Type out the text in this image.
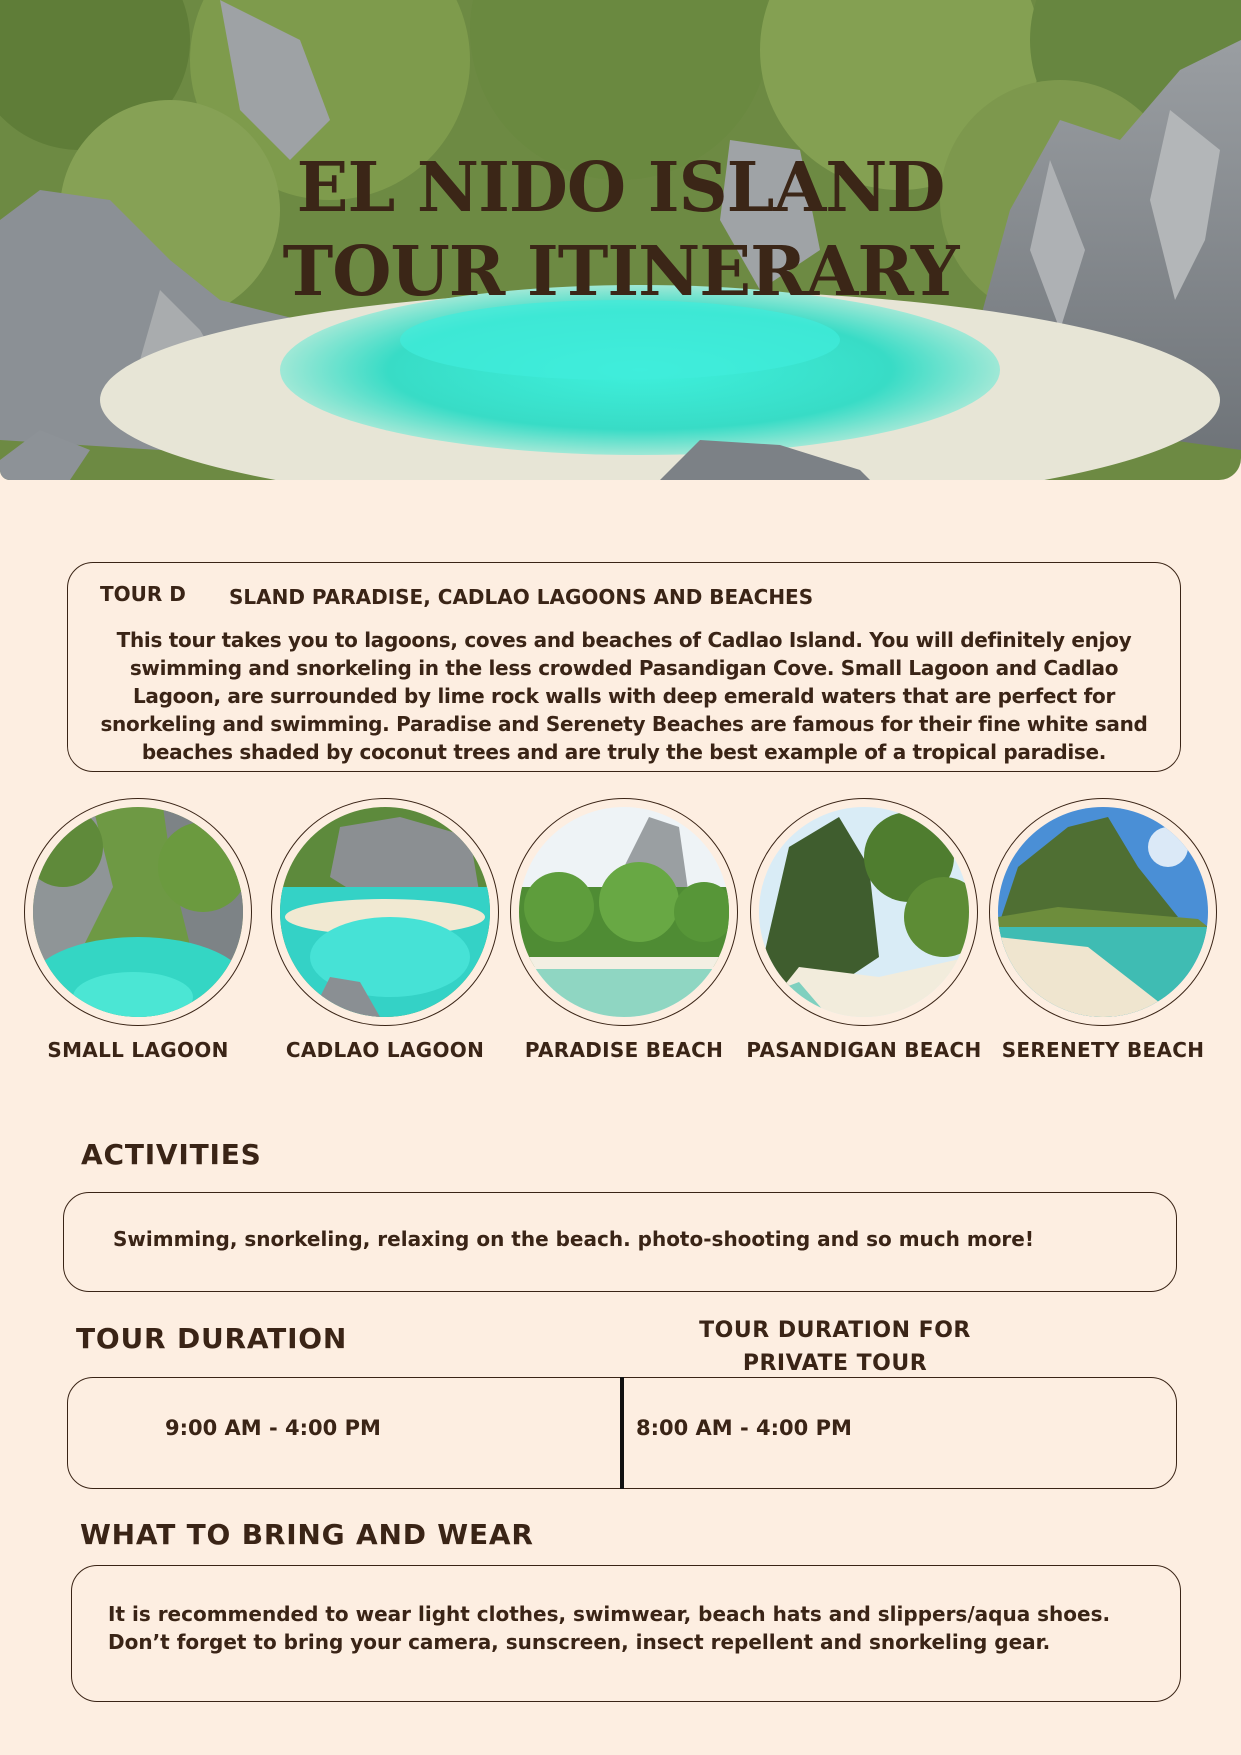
EL NIDO ISLAND
TOUR ITINERARY
TOUR D SLAND PARADISE, CADLAO LAGOONS AND BEACHES

This tour takes you to lagoons, coves and beaches of Cadlao Island. You will definitely enjoy swimming and snorkeling in the less crowded Pasandigan Cove. Small Lagoon and Cadlao Lagoon, are surrounded by lime rock walls with deep emerald waters that are perfect for snorkeling and swimming. Paradise and Serenety Beaches are famous for their fine white sand beaches shaded by coconut trees and are truly the best example of a tropical paradise.

SMALL LAGOON	CADLAO LAGOON	PARADISE BEACH	PASANDIGAN BEACH	SERENETY BEACH
ACTIVITIES
Swimming, snorkeling, relaxing on the beach. photo-shooting and so much more!
TOUR DURATION	TOUR DURATION FOR PRIVATE TOUR
9:00 AM - 4:00 PM	8:00 AM - 4:00 PM
WHAT TO BRING AND WEAR

It is recommended to wear light clothes, swimwear, beach hats and slippers/aqua shoes. Don’t forget to bring your camera, sunscreen, insect repellent and snorkeling gear.
